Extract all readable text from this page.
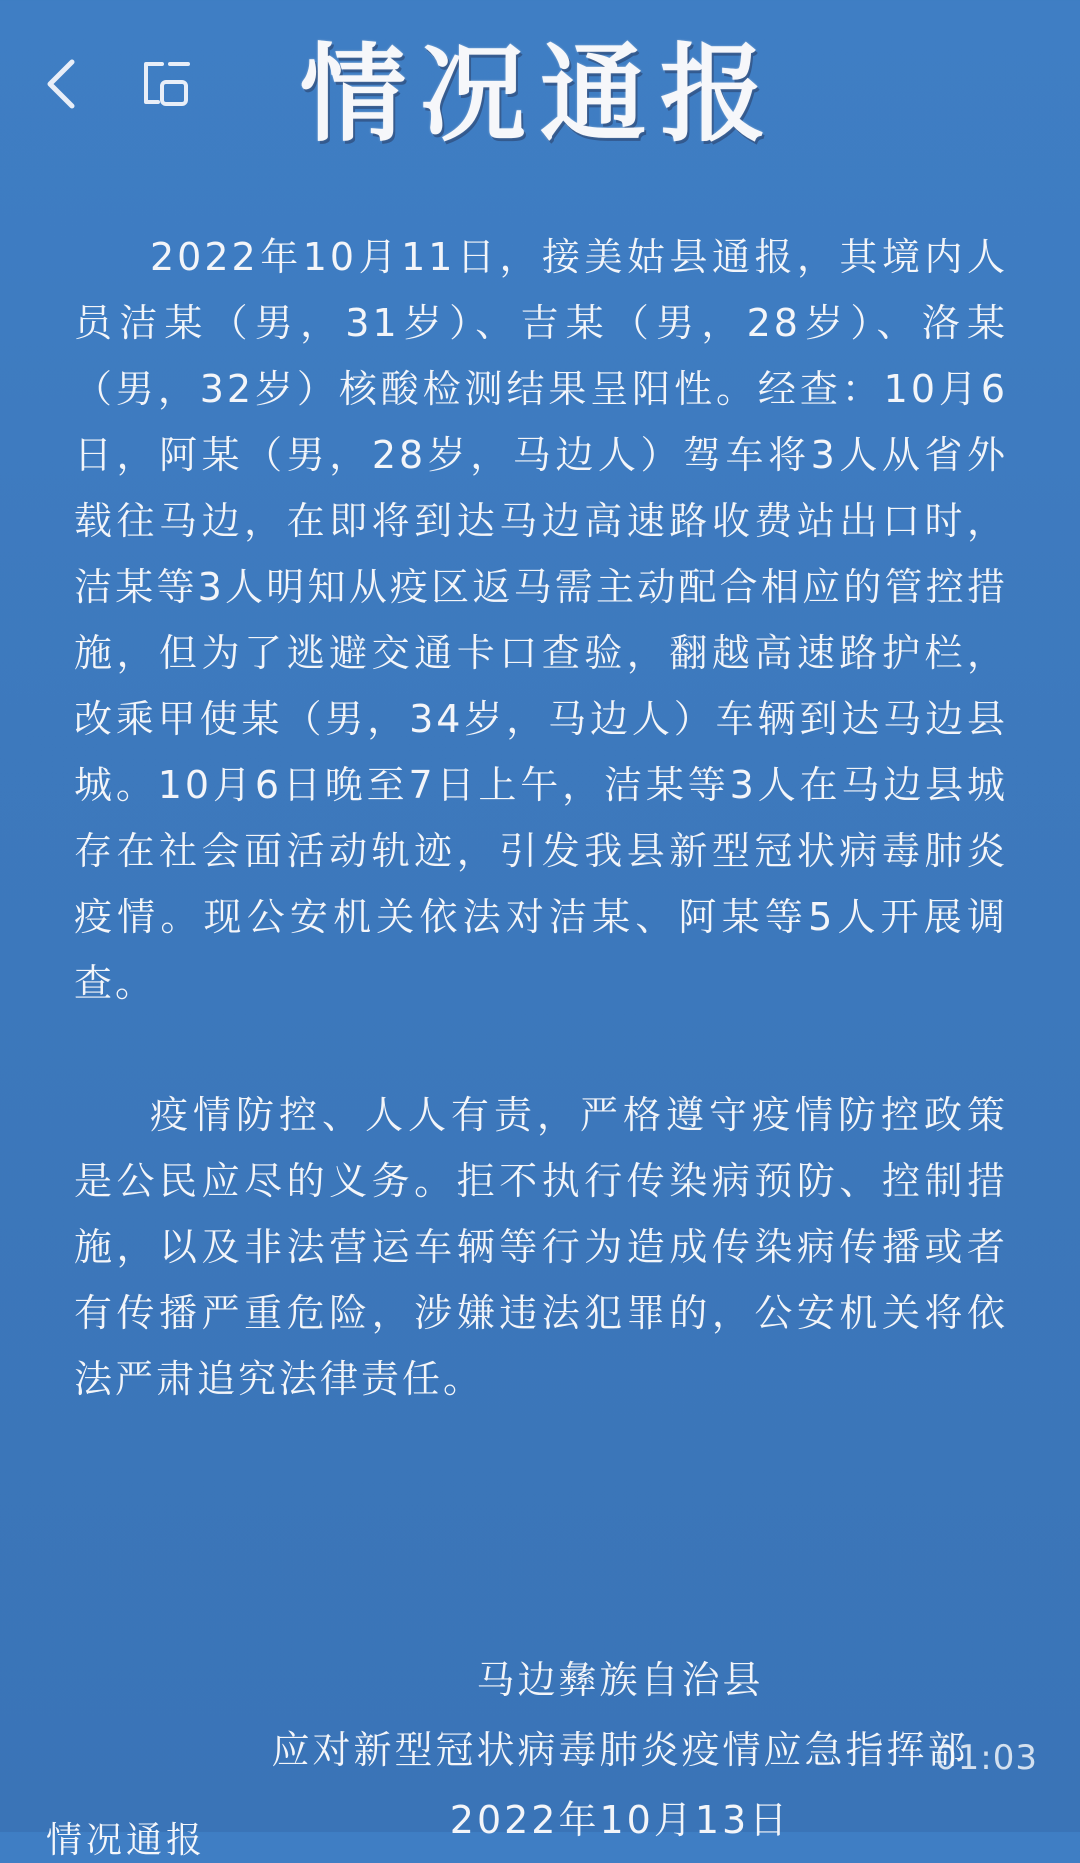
情况通报

2022年10月11日，接美姑县通报，其境内人员洁某（男，31岁）、吉某（男，28岁）、洛某（男，32岁）核酸检测结果呈阳性。经查：10月6日，阿某（男，28岁，马边人）驾车将3人从省外载往马边，在即将到达马边高速路收费站出口时，洁某等3人明知从疫区返马需主动配合相应的管控措施，但为了逃避交通卡口查验，翻越高速路护栏，改乘甲使某（男，34岁，马边人）车辆到达马边县城。10月6日晚至7日上午，洁某等3人在马边县城存在社会面活动轨迹，引发我县新型冠状病毒肺炎疫情。现公安机关依法对洁某、阿某等5人开展调查。

疫情防控、人人有责，严格遵守疫情防控政策是公民应尽的义务。拒不执行传染病预防、控制措施，以及非法营运车辆等行为造成传染病传播或者有传播严重危险，涉嫌违法犯罪的，公安机关将依法严肃追究法律责任。

马边彝族自治县
应对新型冠状病毒肺炎疫情应急指挥部
2022年10月13日
01:03
情况通报
